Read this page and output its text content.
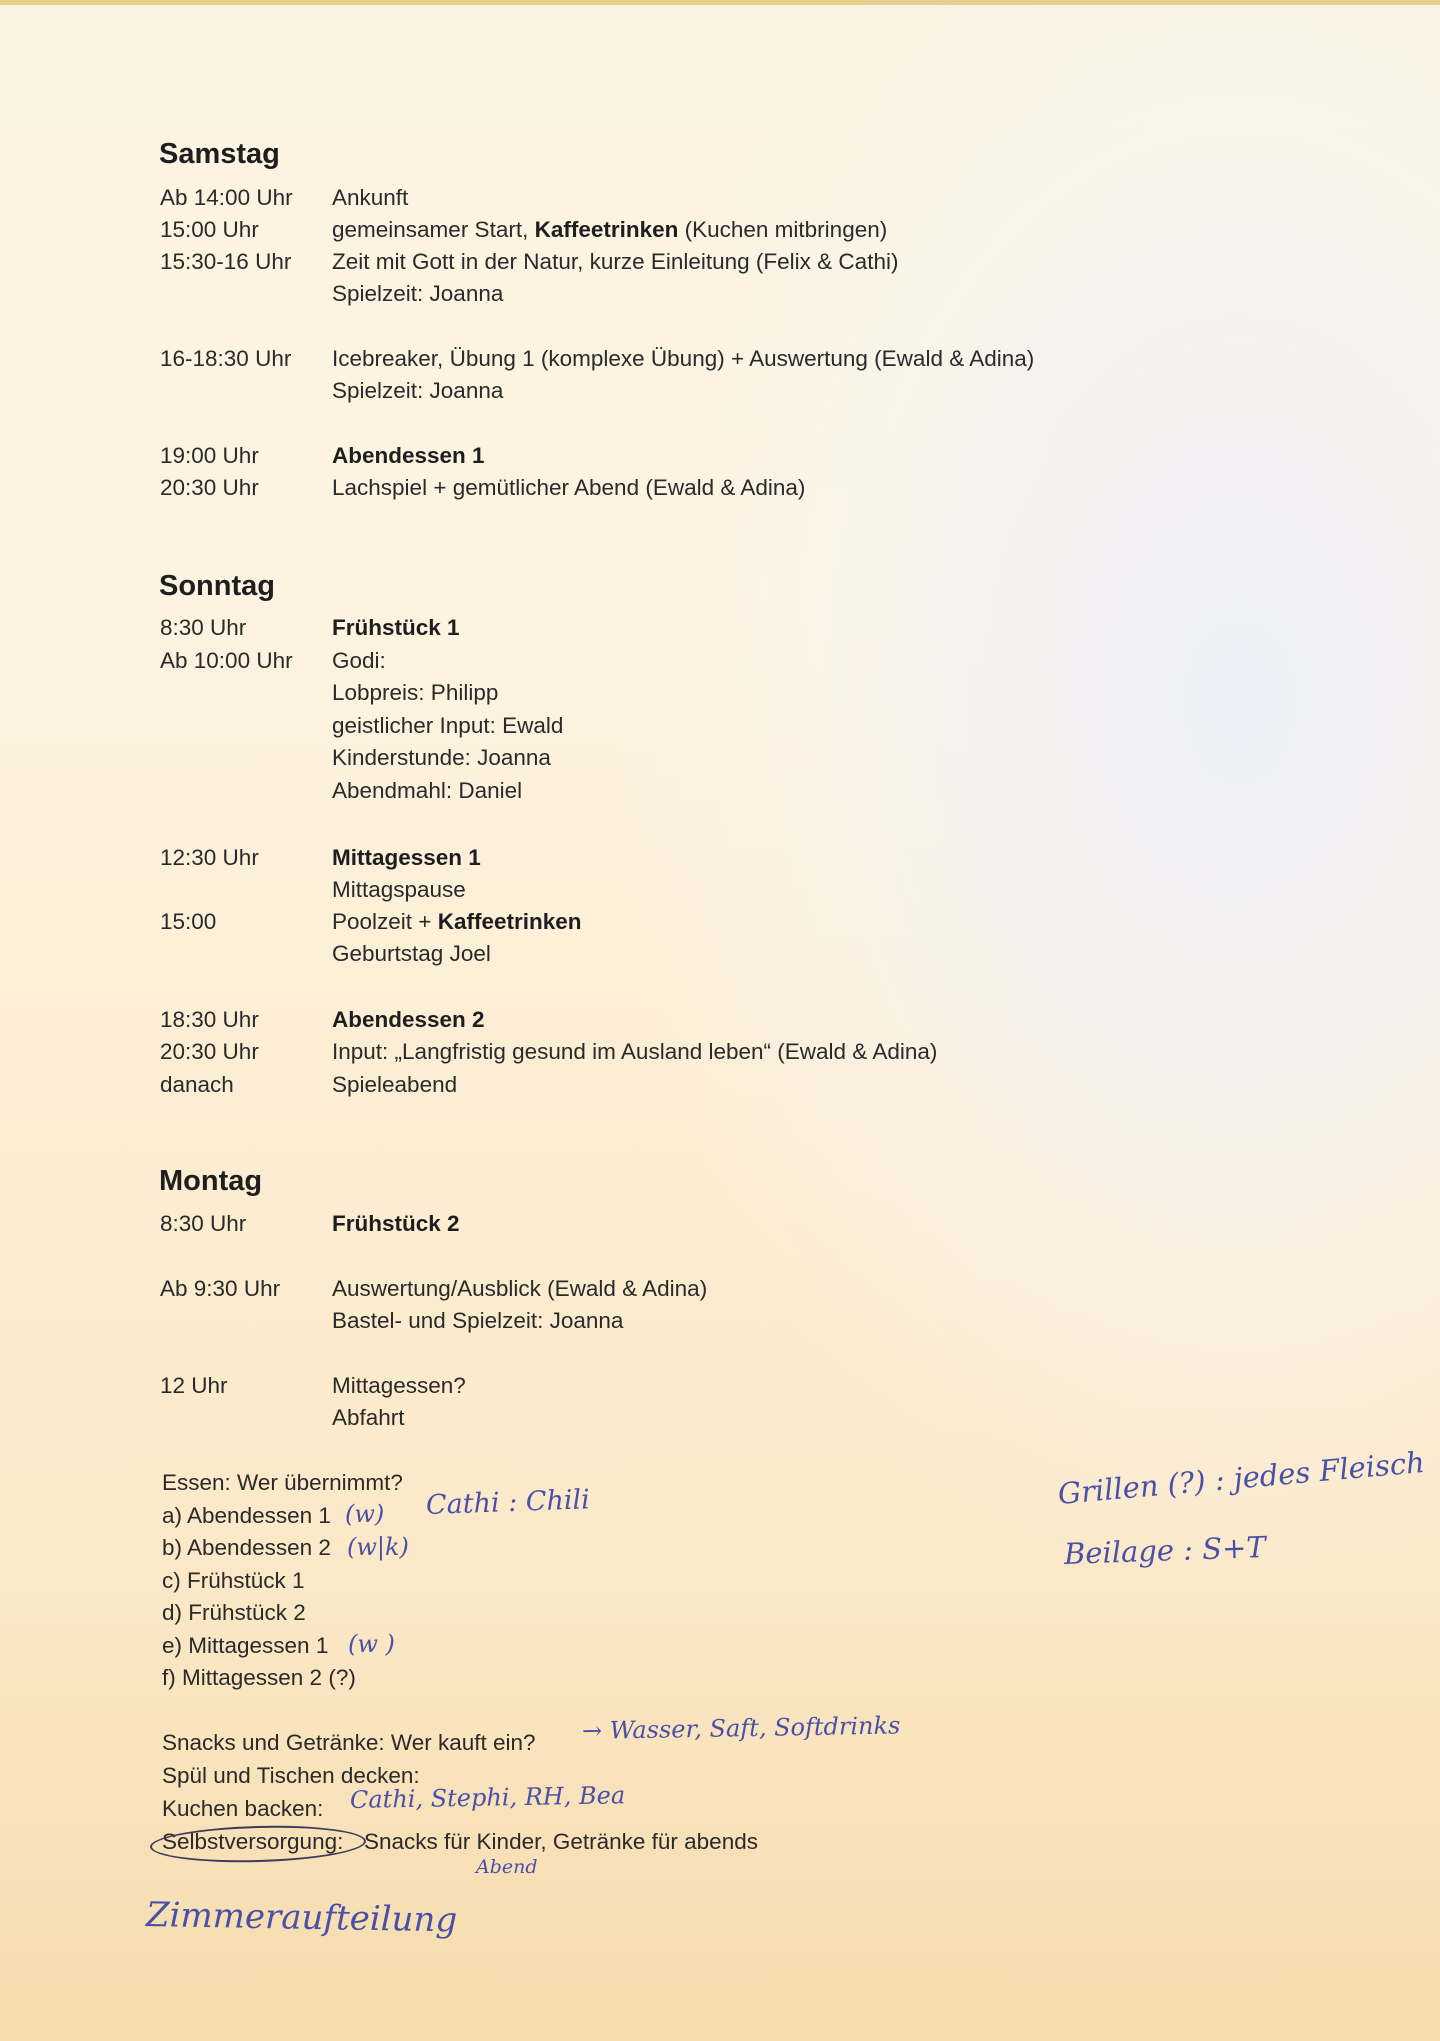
Samstag
Ab 14:00 Uhr Ankunft
15:00 Uhr	gemeinsamer Start, Kaffeetrinken (Kuchen mitbringen)
15:30-16 Uhr Zeit mit Gott in der Natur, kurze Einleitung (Felix & Cathi)
Spielzeit: Joanna
16-18:30 Uhr Icebreaker, Übung 1 (komplexe Übung) + Auswertung (Ewald & Adina)
Spielzeit: Joanna
19:00 Uhr	Abendessen 1
20:30 Uhr	Lachspiel + gemütlicher Abend (Ewald & Adina)
Sonntag
8:30 Uhr	Frühstück 1
Ab 10:00 Uhr Godi:
Lobpreis: Philipp
geistlicher Input: Ewald
Kinderstunde: Joanna
Abendmahl: Daniel
12:30 Uhr	Mittagessen 1
Mittagspause
15:00	Poolzeit + Kaffeetrinken
Geburtstag Joel
18:30 Uhr	Abendessen 2
20:30 Uhr	Input: „Langfristig gesund im Ausland leben“ (Ewald & Adina)
danach	Spieleabend
Montag
8:30 Uhr	Frühstück 2
Ab 9:30 Uhr Auswertung/Ausblick (Ewald & Adina)
Bastel- und Spielzeit: Joanna
12 Uhr	Mittagessen?
Abfahrt
Essen: Wer übernimmt?
a) Abendessen 1
b) Abendessen 2
c) Frühstück 1
d) Frühstück 2
e) Mittagessen 1
f) Mittagessen 2 (?)
Snacks und Getränke: Wer kauft ein?
Spül und Tischen decken:
Kuchen backen:
Selbstversorgung: Snacks für Kinder, Getränke für abends
(w) Cathi : Chili
(w|k)
(w )
Grillen (?) : jedes Fleisch
Beilage : S+T
→ Wasser, Saft, Softdrinks
Cathi, Stephi, RH, Bea
Abend
Zimmeraufteilung
